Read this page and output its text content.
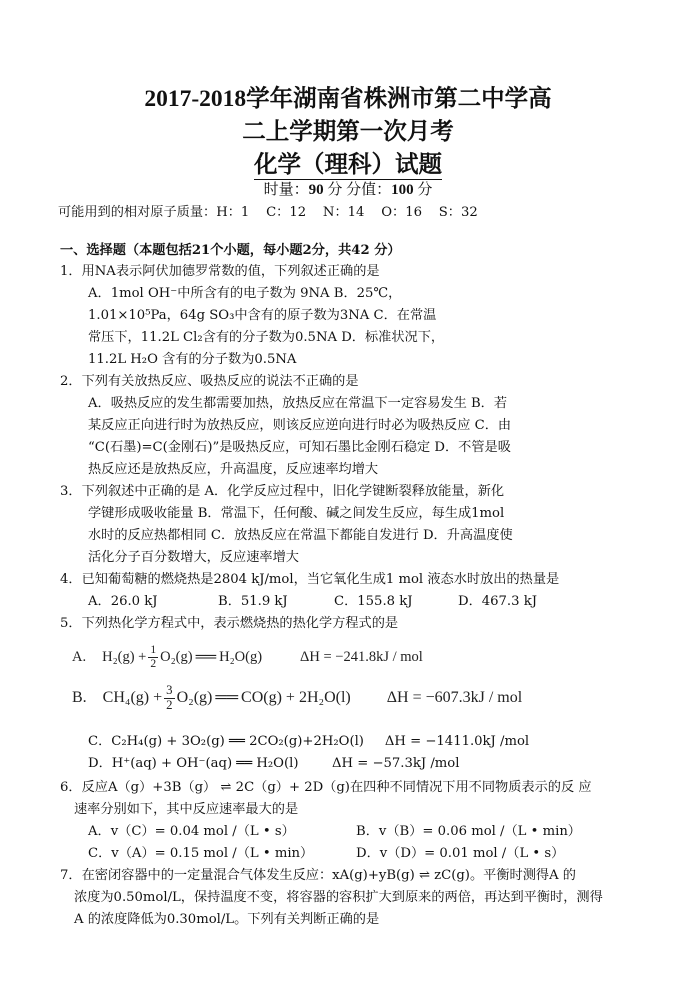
2017-2018学年湖南省株洲市第二中学高
二上学期第一次月考
化学（理科）试题
时量：90 分 分值：100 分
可能用到的相对原子质量：H：1    C：12    N：14    O：16    S：32
一、选择题（本题包括21个小题，每小题2分，共42 分）
1．用NA表示阿伏加德罗常数的值，下列叙述正确的是
A．1mol OH⁻中所含有的电子数为 9NA B．25℃，
1.01×10⁵Pa，64g SO₃中含有的原子数为3NA C．在常温
常压下，11.2L Cl₂含有的分子数为0.5NA D．标准状况下，
11.2L H₂O 含有的分子数为0.5NA
2．下列有关放热反应、吸热反应的说法不正确的是
A．吸热反应的发生都需要加热，放热反应在常温下一定容易发生 B．若
某反应正向进行时为放热反应，则该反应逆向进行时必为吸热反应 C．由
“C(石墨)=C(金刚石)”是吸热反应，可知石墨比金刚石稳定 D．不管是吸
热反应还是放热反应，升高温度，反应速率均增大
3．下列叙述中正确的是 A．化学反应过程中，旧化学键断裂释放能量，新化
学键形成吸收能量 B．常温下，任何酸、碱之间发生反应，每生成1mol
水时的反应热都相同 C．放热反应在常温下都能自发进行 D．升高温度使
活化分子百分数增大，反应速率增大
4．已知葡萄糖的燃烧热是2804 kJ/mol，当它氧化生成1 mol 液态水时放出的热量是
A．26.0 kJ	B．51.9 kJ	C．155.8 kJ	D．467.3 kJ
5．下列热化学方程式中，表示燃烧热的热化学方程式的是
A. $H_2(g) + \frac{1}{2} O_2(g)$ ══ H₂O(g)	ΔH = −241.8kJ / mol
B. $CH_4(g) + \frac{3}{2} O_2(g)$ ══ CO(g) + 2H₂O(l) ΔH = −607.3kJ / mol
C．C₂H₄(g) + 3O₂(g) ══ 2CO₂(g)+2H₂O(l)     ΔH = −1411.0kJ /mol
D．H⁺(aq) + OH⁻(aq) ══ H₂O(l)        ΔH = −57.3kJ /mol
6．反应A（g）+3B（g） ⇌ 2C（g）+ 2D（g)在四种不同情况下用不同物质表示的反 应
速率分别如下，其中反应速率最大的是
A．v（C）= 0.04 mol /（L • s）	B．v（B）= 0.06 mol /（L • min）
C．v（A）= 0.15 mol /（L • min）	D．v（D）= 0.01 mol /（L • s）
7．在密闭容器中的一定量混合气体发生反应：xA(g)+yB(g) ⇌ zC(g)。平衡时测得A 的
浓度为0.50mol/L，保持温度不变，将容器的容积扩大到原来的两倍，再达到平衡时，测得
A 的浓度降低为0.30mol/L。下列有关判断正确的是
